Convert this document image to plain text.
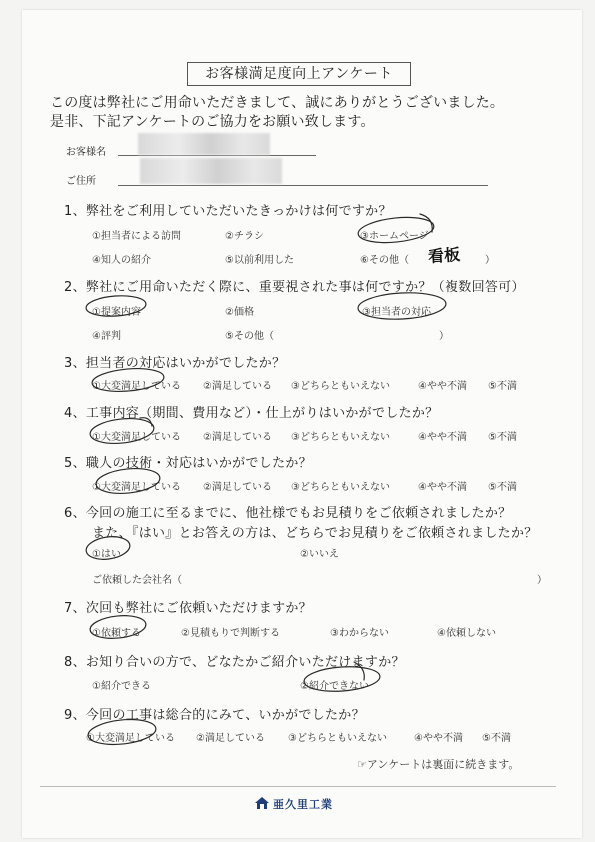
お客様満足度向上アンケート
この度は弊社にご用命いただきまして、誠にありがとうございました。
是非、下記アンケートのご協力をお願い致します。
お客様名
ご住所
1、弊社をご利用していただいたきっかけは何ですか？
①担当者による訪問	②チラシ	③ホームページ
④知人の紹介	⑤以前利用した	⑥その他（	）
看板
2、弊社にご用命いただく際に、重要視された事は何ですか？（複数回答可）
①提案内容	②価格	③担当者の対応
④評判	⑤その他（	）
3、担当者の対応はいかがでしたか？
①大変満足している ②満足している ③どちらともいえない	④やや不満 ⑤不満
4、工事内容（期間、費用など）・仕上がりはいかがでしたか？
①大変満足している ②満足している ③どちらともいえない	④やや不満 ⑤不満
5、職人の技術・対応はいかがでしたか？
①大変満足している ②満足している ③どちらともいえない	④やや不満 ⑤不満
6、今回の施工に至るまでに、他社様でもお見積りをご依頼されましたか？
また、『はい』とお答えの方は、どちらでお見積りをご依頼されましたか？
①はい	②いいえ
ご依頼した会社名（	）
7、次回も弊社にご依頼いただけますか？
①依頼する	②見積もりで判断する	③わからない	④依頼しない
8、お知り合いの方で、どなたかご紹介いただけますか？
①紹介できる	②紹介できない
9、今回の工事は総合的にみて、いかがでしたか？
①大変満足している ②満足している ③どちらともいえない	④やや不満 ⑤不満
☞アンケートは裏面に続きます。
亜久里工業
